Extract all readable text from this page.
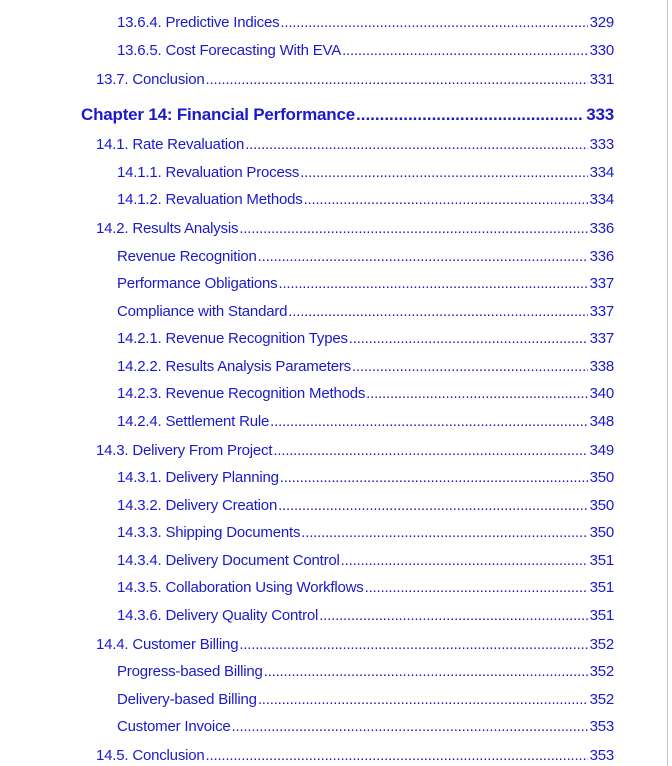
13.6.4. Predictive Indices .....	329
13.6.5. Cost Forecasting With EVA .....	330
13.7. Conclusion .....	331
Chapter 14: Financial Performance .....	333
14.1. Rate Revaluation .....	333
14.1.1. Revaluation Process .....	334
14.1.2. Revaluation Methods .....	334
14.2. Results Analysis .....	336
Revenue Recognition .....	336
Performance Obligations .....	337
Compliance with Standard .....	337
14.2.1. Revenue Recognition Types .....	337
14.2.2. Results Analysis Parameters .....	338
14.2.3. Revenue Recognition Methods .....	340
14.2.4. Settlement Rule .....	348
14.3. Delivery From Project .....	349
14.3.1. Delivery Planning .....	350
14.3.2. Delivery Creation .....	350
14.3.3. Shipping Documents .....	350
14.3.4. Delivery Document Control .....	351
14.3.5. Collaboration Using Workflows .....	351
14.3.6. Delivery Quality Control .....	351
14.4. Customer Billing .....	352
Progress-based Billing .....	352
Delivery-based Billing .....	352
Customer Invoice .....	353
14.5. Conclusion .....	353
